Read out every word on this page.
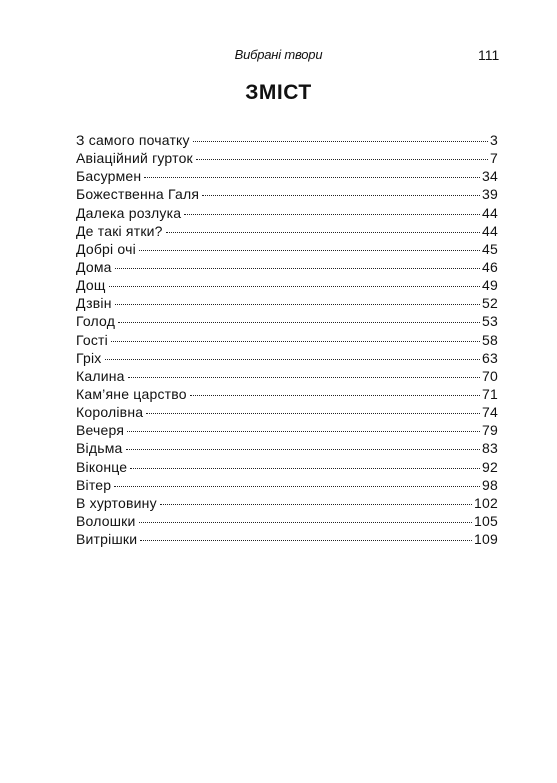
Вибрані твори	111
ЗМІСТ
З самого початку	3
Авіаційний гурток	7
Басурмен	34
Божественна Галя	39
Далека розлука	44
Де такі ятки?	44
Добрі очі	45
Дома	46
Дощ	49
Дзвін	52
Голод	53
Гості	58
Гріх	63
Калина	70
Кам’яне царство	71
Королівна	74
Вечеря	79
Відьма	83
Віконце	92
Вітер	98
В хуртовину	102
Волошки	105
Витрішки	109
